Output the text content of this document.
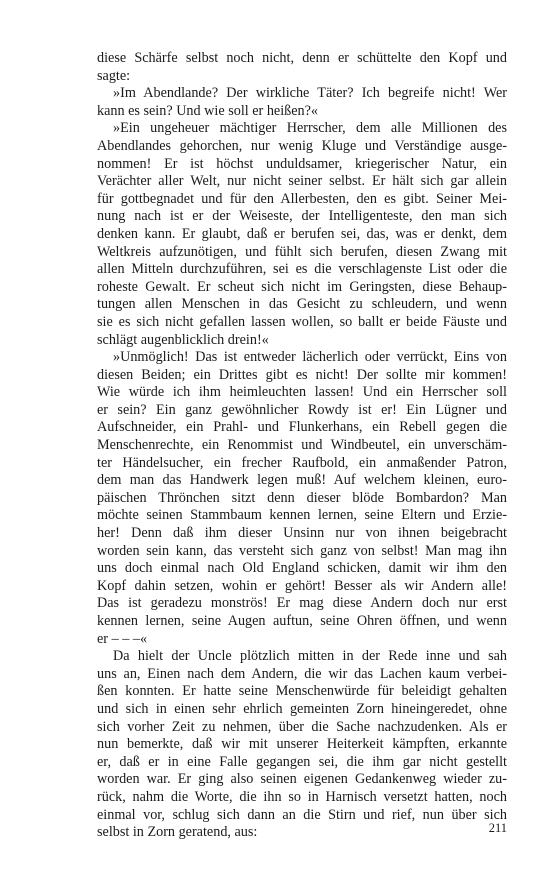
diese Schärfe selbst noch nicht, denn er schüttelte den Kopf und
sagte:
»Im Abendlande? Der wirkliche Täter? Ich begreife nicht! Wer
kann es sein? Und wie soll er heißen?«
»Ein ungeheuer mächtiger Herrscher, dem alle Millionen des
Abendlandes gehorchen, nur wenig Kluge und Verständige ausge-
nommen! Er ist höchst unduldsamer, kriegerischer Natur, ein
Verächter aller Welt, nur nicht seiner selbst. Er hält sich gar allein
für gottbegnadet und für den Allerbesten, den es gibt. Seiner Mei-
nung nach ist er der Weiseste, der Intelligenteste, den man sich
denken kann. Er glaubt, daß er berufen sei, das, was er denkt, dem
Weltkreis aufzunötigen, und fühlt sich berufen, diesen Zwang mit
allen Mitteln durchzuführen, sei es die verschlagenste List oder die
roheste Gewalt. Er scheut sich nicht im Geringsten, diese Behaup-
tungen allen Menschen in das Gesicht zu schleudern, und wenn
sie es sich nicht gefallen lassen wollen, so ballt er beide Fäuste und
schlägt augenblicklich drein!«
»Unmöglich! Das ist entweder lächerlich oder verrückt, Eins von
diesen Beiden; ein Drittes gibt es nicht! Der sollte mir kommen!
Wie würde ich ihm heimleuchten lassen! Und ein Herrscher soll
er sein? Ein ganz gewöhnlicher Rowdy ist er! Ein Lügner und
Aufschneider, ein Prahl- und Flunkerhans, ein Rebell gegen die
Menschenrechte, ein Renommist und Windbeutel, ein unverschäm-
ter Händelsucher, ein frecher Raufbold, ein anmaßender Patron,
dem man das Handwerk legen muß! Auf welchem kleinen, euro-
päischen Thrönchen sitzt denn dieser blöde Bombardon? Man
möchte seinen Stammbaum kennen lernen, seine Eltern und Erzie-
her! Denn daß ihm dieser Unsinn nur von ihnen beigebracht
worden sein kann, das versteht sich ganz von selbst! Man mag ihn
uns doch einmal nach Old England schicken, damit wir ihm den
Kopf dahin setzen, wohin er gehört! Besser als wir Andern alle!
Das ist geradezu monströs! Er mag diese Andern doch nur erst
kennen lernen, seine Augen auftun, seine Ohren öffnen, und wenn
er – – –«
Da hielt der Uncle plötzlich mitten in der Rede inne und sah
uns an, Einen nach dem Andern, die wir das Lachen kaum verbei-
ßen konnten. Er hatte seine Menschenwürde für beleidigt gehalten
und sich in einen sehr ehrlich gemeinten Zorn hineingeredet, ohne
sich vorher Zeit zu nehmen, über die Sache nachzudenken. Als er
nun bemerkte, daß wir mit unserer Heiterkeit kämpften, erkannte
er, daß er in eine Falle gegangen sei, die ihm gar nicht gestellt
worden war. Er ging also seinen eigenen Gedankenweg wieder zu-
rück, nahm die Worte, die ihn so in Harnisch versetzt hatten, noch
einmal vor, schlug sich dann an die Stirn und rief, nun über sich
selbst in Zorn geratend, aus:	211
